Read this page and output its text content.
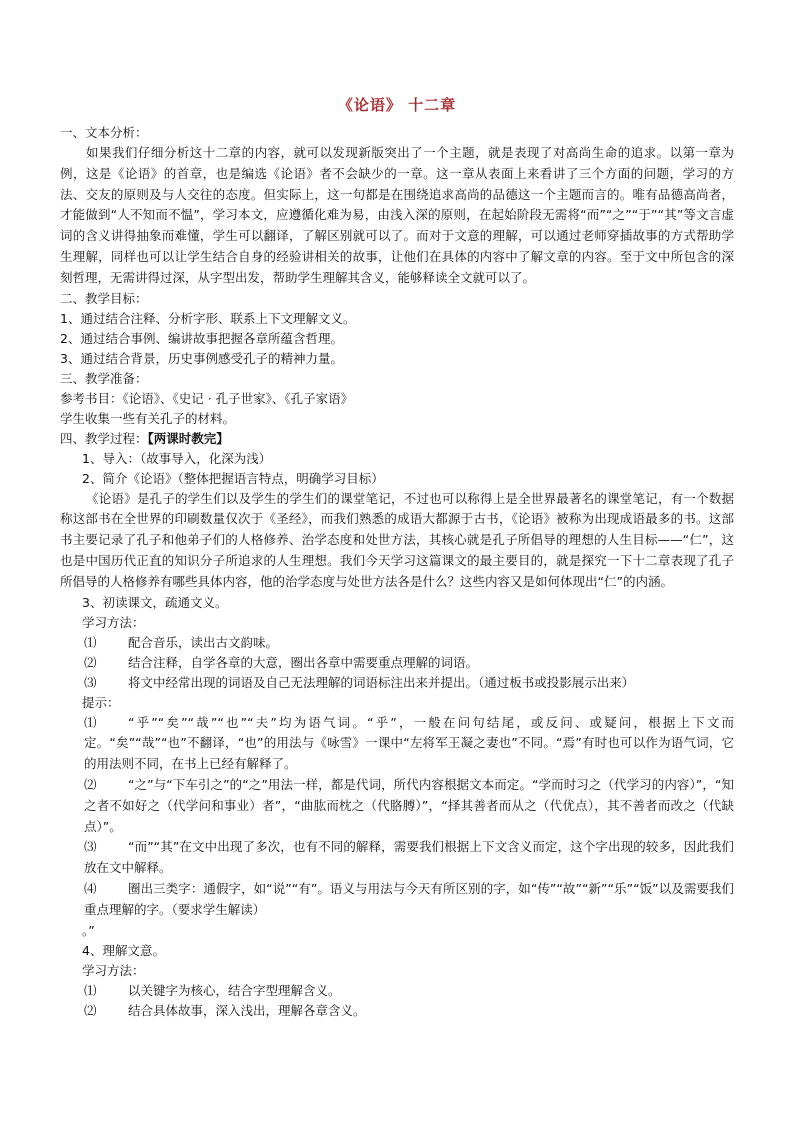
《论语》 十二章

一、文本分析：

如果我们仔细分析这十二章的内容，就可以发现新版突出了一个主题，就是表现了对高尚生命的追求。以第一章为例，这是《论语》的首章，也是编选《论语》者不会缺少的一章。这一章从表面上来看讲了三个方面的问题，学习的方法、交友的原则及与人交往的态度。但实际上，这一句都是在围绕追求高尚的品德这一个主题而言的。唯有品德高尚者，才能做到“人不知而不愠”，学习本文，应遵循化难为易，由浅入深的原则，在起始阶段无需将“而”“之”“于”“其”等文言虚词的含义讲得抽象而难懂，学生可以翻译，了解区别就可以了。而对于文意的理解，可以通过老师穿插故事的方式帮助学生理解，同样也可以让学生结合自身的经验讲相关的故事，让他们在具体的内容中了解文章的内容。至于文中所包含的深刻哲理，无需讲得过深，从字型出发，帮助学生理解其含义，能够释读全文就可以了。

二、教学目标：

1、通过结合注释、分析字形、联系上下文理解文义。

2、通过结合事例、编讲故事把握各章所蕴含哲理。

3、通过结合背景，历史事例感受孔子的精神力量。

三、教学准备：

参考书目：《论语》、《史记 · 孔子世家》、《孔子家语》

学生收集一些有关孔子的材料。

四、教学过程：【两课时教完】

1、导入：（故事导入，化深为浅）

2、简介《论语》（整体把握语言特点，明确学习目标）

《论语》是孔子的学生们以及学生的学生们的课堂笔记，不过也可以称得上是全世界最著名的课堂笔记，有一个数据称这部书在全世界的印刷数量仅次于《圣经》，而我们熟悉的成语大都源于古书，《论语》被称为出现成语最多的书。这部书主要记录了孔子和他弟子们的人格修养、治学态度和处世方法，其核心就是孔子所倡导的理想的人生目标——“仁”，这也是中国历代正直的知识分子所追求的人生理想。我们今天学习这篇课文的最主要目的，就是探究一下十二章表现了孔子所倡导的人格修养有哪些具体内容，他的治学态度与处世方法各是什么？这些内容又是如何体现出“仁”的内涵。

3、初读课文，疏通文义。

学习方法：

⑴	配合音乐，读出古文韵味。

⑵	结合注释，自学各章的大意，圈出各章中需要重点理解的词语。

⑶	将文中经常出现的词语及自己无法理解的词语标注出来并提出。（通过板书或投影展示出来）

提示：

⑴	“乎”“矣”“哉”“也”“夫”均为语气词。“乎”，一般在问句结尾，或反问、或疑问，根据上下文而定。“矣”“哉”“也”不翻译，“也”的用法与《咏雪》一课中“左将军王凝之妻也”不同。“焉”有时也可以作为语气词，它的用法则不同，在书上已经有解释了。

⑵	“之”与“下车引之”的“之”用法一样，都是代词，所代内容根据文本而定。“学而时习之（代学习的内容）”，“知之者不如好之（代学问和事业）者”，“曲肱而枕之（代胳膊）”，“择其善者而从之（代优点），其不善者而改之（代缺点）”。

⑶	“而”“其”在文中出现了多次，也有不同的解释，需要我们根据上下文含义而定，这个字出现的较多，因此我们放在文中解释。

⑷	圈出三类字：通假字，如“说”“有”。语义与用法与今天有所区别的字，如“传”“故”“新”“乐”“饭”以及需要我们重点理解的字。（要求学生解读）

。”

4、理解文意。

学习方法：

⑴	以关键字为核心，结合字型理解含义。

⑵	结合具体故事，深入浅出，理解各章含义。
